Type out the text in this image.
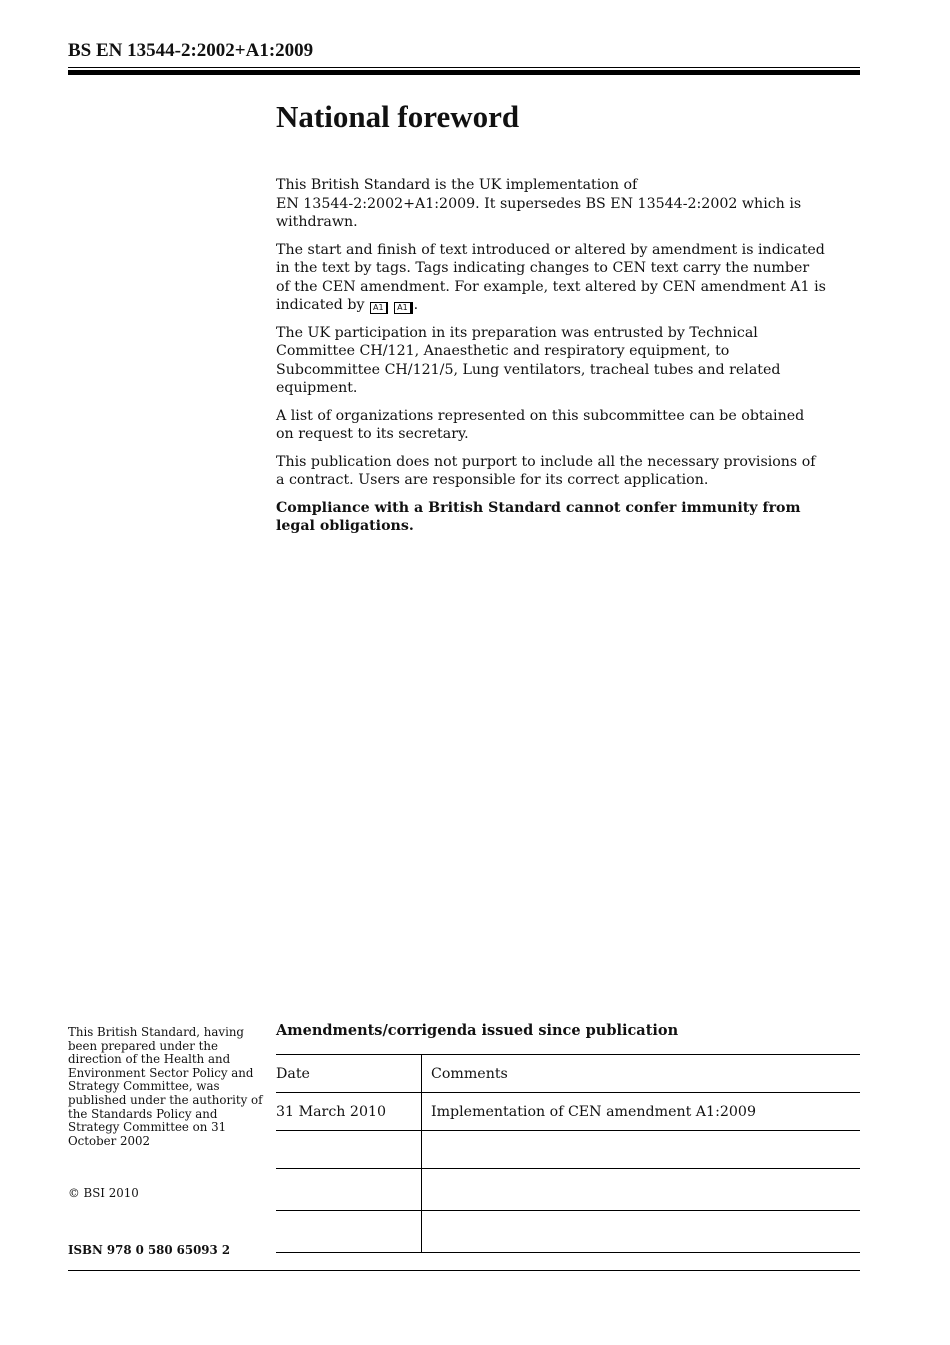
BS EN 13544-2:2002+A1:2009
National foreword

This British Standard is the UK implementation of
EN 13544-2:2002+A1:2009. It supersedes BS EN 13544-2:2002 which is withdrawn.

The start and finish of text introduced or altered by amendment is indicated in the text by tags. Tags indicating changes to CEN text carry the number of the CEN amendment. For example, text altered by CEN amendment A1 is indicated by A1 A1 .

The UK participation in its preparation was entrusted by Technical Committee CH/121, Anaesthetic and respiratory equipment, to Subcommittee CH/121/5, Lung ventilators, tracheal tubes and related equipment.

A list of organizations represented on this subcommittee can be obtained on request to its secretary.

This publication does not purport to include all the necessary provisions of a contract. Users are responsible for its correct application.

Compliance with a British Standard cannot confer immunity from legal obligations.

This British Standard, having been prepared under the direction of the Health and Environment Sector Policy and Strategy Committee, was published under the authority of the Standards Policy and Strategy Committee on 31 October 2002
© BSI 2010
ISBN 978 0 580 65093 2
Amendments/corrigenda issued since publication
Date	Comments
31 March 2010	Implementation of CEN amendment A1:2009
